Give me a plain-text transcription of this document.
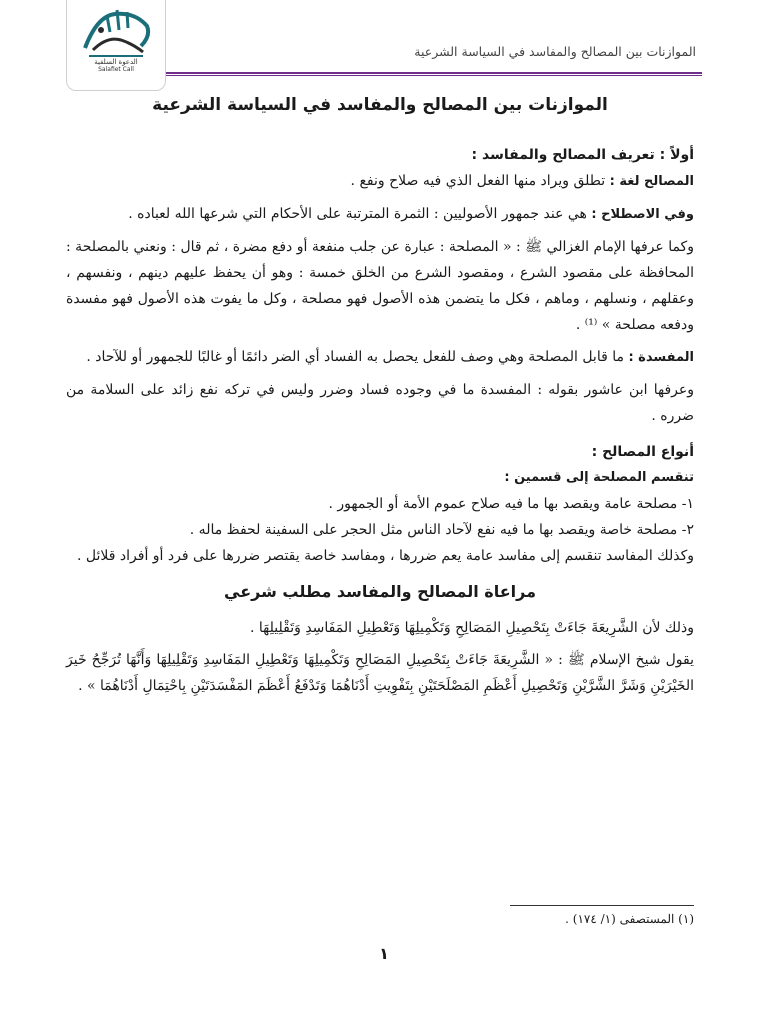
الدعوة السلفية
Salafiet Call
الموازنات بين المصالح والمفاسد في السياسة الشرعية
الموازنات بين المصالح والمفاسد في السياسة الشرعية
أولاً : تعريف المصالح والمفاسد :

المصالح لغة : تطلق ويراد منها الفعل الذي فيه صلاح ونفع .

وفي الاصطلاح : هي عند جمهور الأصوليين : الثمرة المترتبة على الأحكام التي شرعها الله لعباده .

وكما عرفها الإمام الغزالي ﷺ : « المصلحة : عبارة عن جلب منفعة أو دفع مضرة ، ثم قال : ونعني بالمصلحة : المحافظة على مقصود الشرع ، ومقصود الشرع من الخلق خمسة : وهو أن يحفظ عليهم دينهم ، ونفسهم ، وعقلهم ، ونسلهم ، وماهم ، فكل ما يتضمن هذه الأصول فهو مصلحة ، وكل ما يفوت هذه الأصول فهو مفسدة ودفعه مصلحة » ⁽¹⁾ .

المفسدة : ما قابل المصلحة وهي وصف للفعل يحصل به الفساد أي الضر دائمًا أو غالبًا للجمهور أو للآحاد .

وعرفها ابن عاشور بقوله : المفسدة ما في وجوده فساد وضرر وليس في تركه نفع زائد على السلامة من ضرره .

أنواع المصالح :

تنقسم المصلحة إلى قسمين :

١- مصلحة عامة ويقصد بها ما فيه صلاح عموم الأمة أو الجمهور .

٢- مصلحة خاصة ويقصد بها ما فيه نفع لآحاد الناس مثل الحجر على السفينة لحفظ ماله .

وكذلك المفاسد تنقسم إلى مفاسد عامة يعم ضررها ، ومفاسد خاصة يقتصر ضررها على فرد أو أفراد قلائل .

مراعاة المصالح والمفاسد مطلب شرعي

وذلك لأن الشَّرِيعَةَ جَاءَتْ بِتَحْصِيلِ المَصَالِحِ وَتَكْمِيلِهَا وَتَعْطِيلِ المَفَاسِدِ وَتَقْلِيلِهَا .

يقول شيخ الإسلام ﷺ : « الشَّرِيعَةَ جَاءَتْ بِتَحْصِيلِ المَصَالِحِ وَتَكْمِيلِهَا وَتَعْطِيلِ المَفَاسِدِ وَتَقْلِيلِهَا وَأَنَّهَا تُرَجِّحُ خَيرَ الخَيْرَيْنِ وَشَرَّ الشَّرَّيْنِ وَتَحْصِيلِ أَعْظَمِ المَصْلَحَتَيْنِ بِتَفْوِيتِ أَدْنَاهُمَا وَتَدْفَعُ أَعْظَمَ المَفْسَدَتَيْنِ بِاحْتِمَالِ أَدْنَاهُمَا » .

(١) المستصفى (١/ ١٧٤) .
١
